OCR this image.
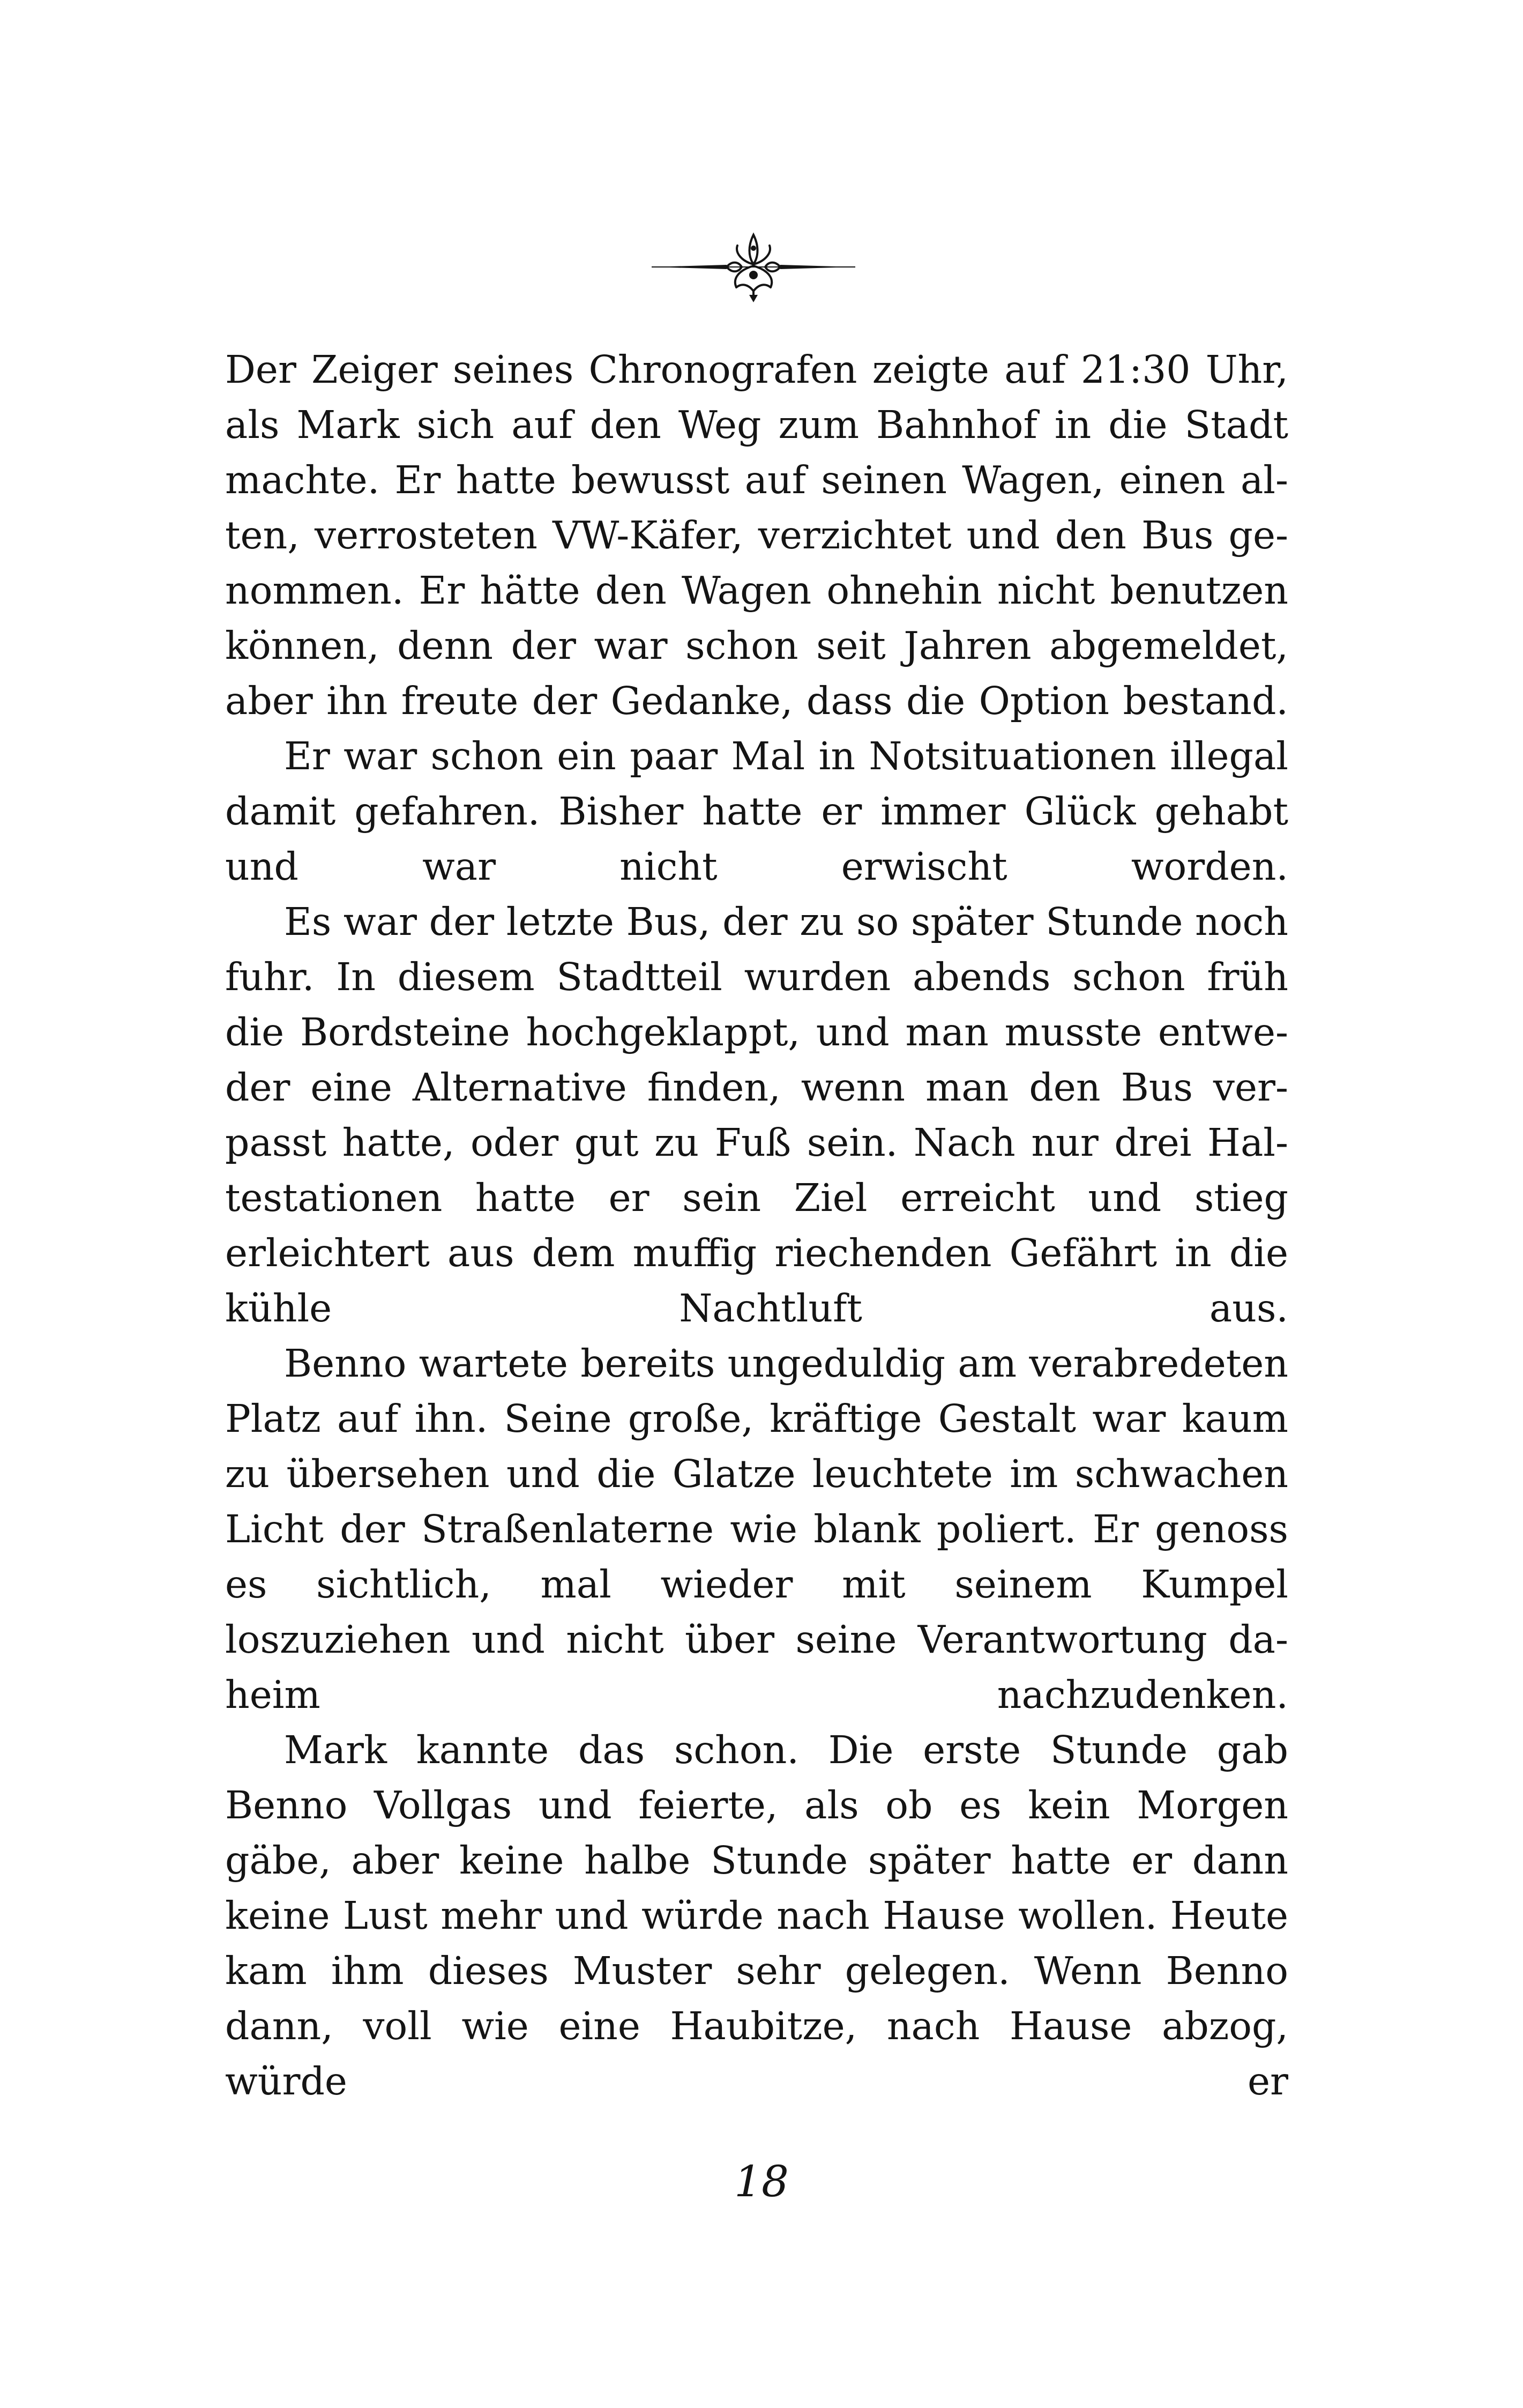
Der Zeiger seines Chronografen zeigte auf 21:30 Uhr, als Mark sich auf den Weg zum Bahnhof in die Stadt machte. Er hatte bewusst auf seinen Wagen, einen alten, verrosteten VW-Käfer, verzichtet und den Bus genommen. Er hätte den Wagen ohnehin nicht benutzen können, denn der war schon seit Jahren abgemeldet, aber ihn freute der Gedanke, dass die Option bestand.

Er war schon ein paar Mal in Notsituationen illegal damit gefahren. Bisher hatte er immer Glück gehabt und war nicht erwischt worden.

Es war der letzte Bus, der zu so später Stunde noch fuhr. In diesem Stadtteil wurden abends schon früh die Bordsteine hochgeklappt, und man musste entweder eine Alternative finden, wenn man den Bus verpasst hatte, oder gut zu Fuß sein. Nach nur drei Haltestationen hatte er sein Ziel erreicht und stieg erleichtert aus dem muffig riechenden Gefährt in die kühle Nachtluft aus.

Benno wartete bereits ungeduldig am verabredeten Platz auf ihn. Seine große, kräftige Gestalt war kaum zu übersehen und die Glatze leuchtete im schwachen Licht der Straßenlaterne wie blank poliert. Er genoss es sichtlich, mal wieder mit seinem Kumpel loszuziehen und nicht über seine Verantwortung daheim nachzudenken.

Mark kannte das schon. Die erste Stunde gab Benno Vollgas und feierte, als ob es kein Morgen gäbe, aber keine halbe Stunde später hatte er dann keine Lust mehr und würde nach Hause wollen. Heute kam ihm dieses Muster sehr gelegen. Wenn Benno dann, voll wie eine Haubitze, nach Hause abzog, würde er

18
